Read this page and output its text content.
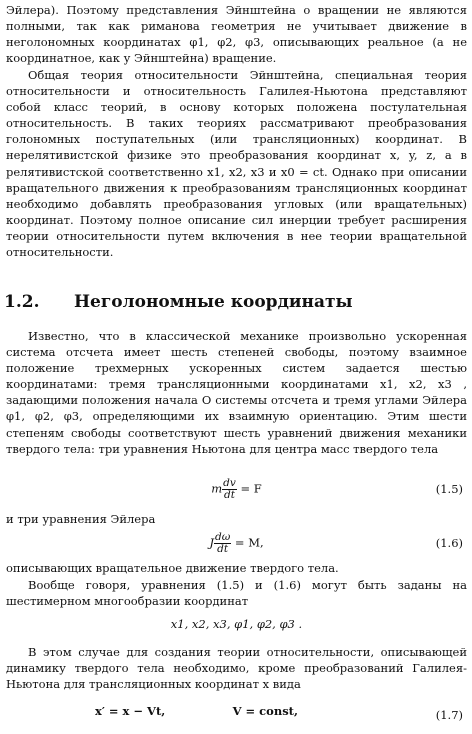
Эйлера). Поэтому представления Эйнштейна о вращении не являются полными, так как риманова геометрия не учитывает движение в неголономных координатах φ1, φ2, φ3, описывающих реальное (а не координатное, как у Эйнштейна) вращение.

Общая теория относительности Эйнштейна, специальная теория относительности и относительность Галилея-Ньютона представляют собой класс теорий, в основу которых положена постулательная относительность. В таких теориях рассматривают преобразования голономных поступательных (или трансляционных) координат. В нерелятивистской физике это преобразования координат x, y, z, а в релятивистской соответственно x1, x2, x3 и x0 = ct. Однако при описании вращательного движения к преобразованиям трансляционных координат необходимо добавлять преобразования угловых (или вращательных) координат. Поэтому полное описание сил инерции требует расширения теории относительности путем включения в нее теории вращательной относительности.

1.2. Неголономные координаты

Известно, что в классической механике произвольно ускоренная система отсчета имеет шесть степеней свободы, поэтому взаимное положение трехмерных ускоренных систем задается шестью координатами: тремя трансляционными координатами x1, x2, x3 , задающими положения начала O системы отсчета и тремя углами Эйлера φ1, φ2, φ3, определяющими их взаимную ориентацию. Этим шести степеням свободы соответствуют шесть уравнений движения механики твердого тела: три уравнения Ньютона для центра масс твердого тела

m $\frac{dv}{dt} = F$	(1.5)

и три уравнения Эйлера

J $\frac{d\omega}{dt} = M$,	(1.6)

описывающих вращательное движение твердого тела.

Вообще говоря, уравнения (1.5) и (1.6) могут быть заданы на шестимерном многообразии координат

x1, x2, x3, φ1, φ2, φ3 .

В этом случае для создания теории относительности, описывающей динамику твердого тела необходимо, кроме преобразований Галилея-Ньютона для трансляционных координат x вида

x′ = x − Vt,	V = const,	(1.7)
